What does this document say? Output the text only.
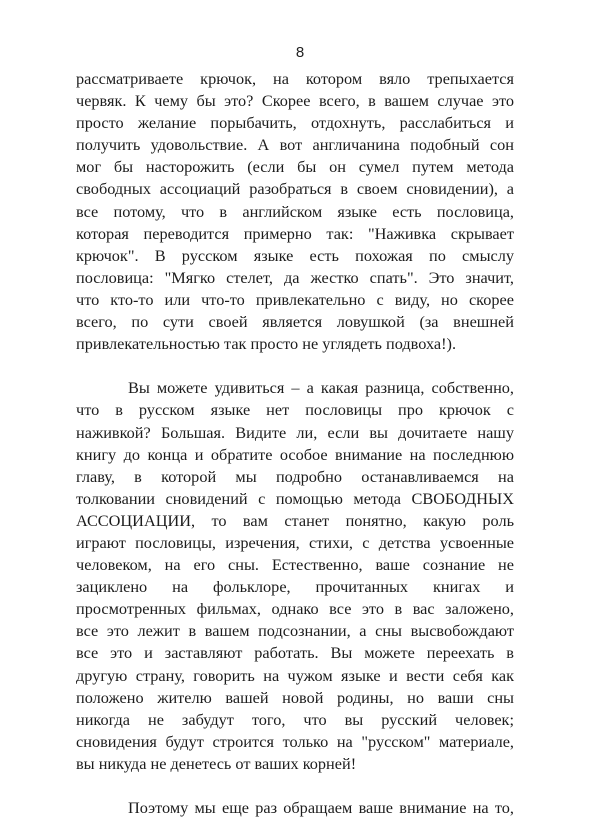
8
рассматриваете крючок, на котором вяло трепыхается
червяк. К чему бы это? Скорее всего, в вашем случае это
просто желание порыбачить, отдохнуть, расслабиться и
получить удовольствие. А вот англичанина подобный сон
мог бы насторожить (если бы он сумел путем метода
свободных ассоциаций разобраться в своем сновидении), а
все потому, что в английском языке есть пословица,
которая переводится примерно так: "Наживка скрывает
крючок". В русском языке есть похожая по смыслу
пословица: "Мягко стелет, да жестко спать". Это значит,
что кто-то или что-то привлекательно с виду, но скорее
всего, по сути своей является ловушкой (за внешней
привлекательностью так просто не углядеть подвоха!).
Вы можете удивиться – а какая разница, собственно,
что в русском языке нет пословицы про крючок с
наживкой? Большая. Видите ли, если вы дочитаете нашу
книгу до конца и обратите особое внимание на последнюю
главу, в которой мы подробно останавливаемся на
толковании сновидений с помощью метода СВОБОДНЫХ
АССОЦИАЦИИ, то вам станет понятно, какую роль
играют пословицы, изречения, стихи, с детства усвоенные
человеком, на его сны. Естественно, ваше сознание не
зациклено на фольклоре, прочитанных книгах и
просмотренных фильмах, однако все это в вас заложено,
все это лежит в вашем подсознании, а сны высвобождают
все это и заставляют работать. Вы можете переехать в
другую страну, говорить на чужом языке и вести себя как
положено жителю вашей новой родины, но ваши сны
никогда не забудут того, что вы русский человек;
сновидения будут строится только на "русском" материале,
вы никуда не денетесь от ваших корней!
Поэтому мы еще раз обращаем ваше внимание на то,
